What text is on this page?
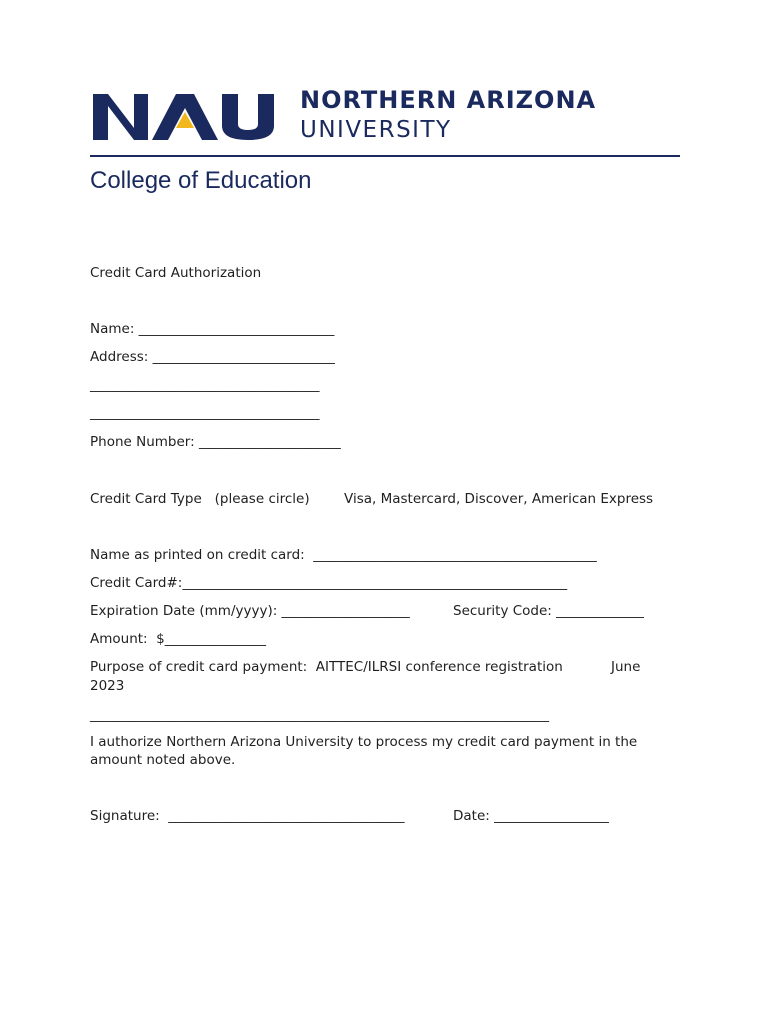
NAU	NORTHERN ARIZONA
UNIVERSITY
College of Education
Credit Card Authorization
Name: _____________________________
Address: ___________________________
__________________________________
__________________________________
Phone Number: _____________________
Credit Card Type   (please circle)	Visa, Mastercard, Discover, American Express
Name as printed on credit card:  __________________________________________
Credit Card#:_________________________________________________________
Expiration Date (mm/yyyy): ___________________	Security Code: _____________
Amount:  $_______________
Purpose of credit card payment:  AITTEC/ILRSI conference registration	June
2023
____________________________________________________________________
I authorize Northern Arizona University to process my credit card payment in the amount noted above.
Signature:  ___________________________________	Date: _________________
